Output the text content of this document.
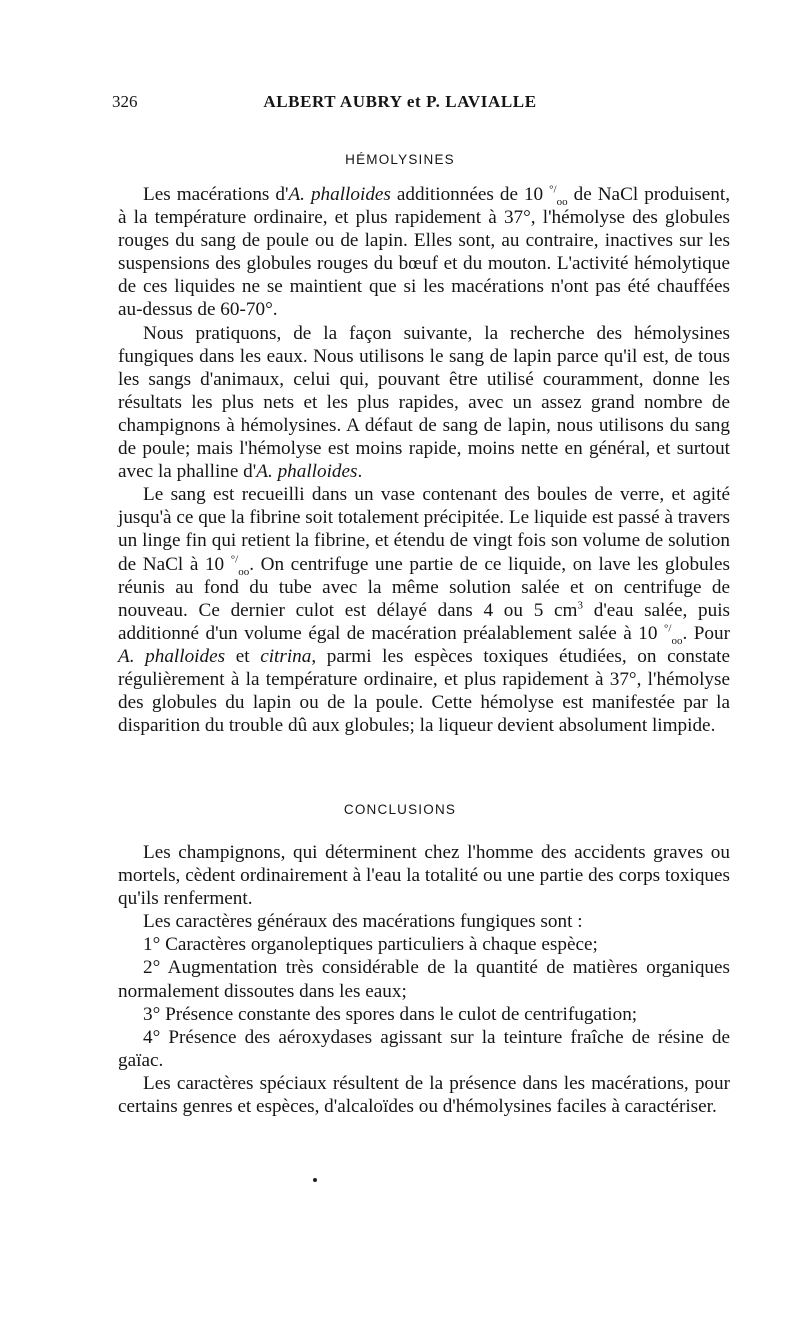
326	ALBERT AUBRY et P. LAVIALLE
HÉMOLYSINES

Les macérations d'A. phalloides additionnées de 10 °/$_{oo}$ de NaCl produisent, à la température ordinaire, et plus rapidement à 37°, l'hémolyse des globules rouges du sang de poule ou de lapin. Elles sont, au contraire, inactives sur les suspensions des globules rouges du bœuf et du mouton. L'activité hémolytique de ces liquides ne se maintient que si les macérations n'ont pas été chauffées au-dessus de 60-70°.

Nous pratiquons, de la façon suivante, la recherche des hémolysines fungiques dans les eaux. Nous utilisons le sang de lapin parce qu'il est, de tous les sangs d'animaux, celui qui, pouvant être utilisé couramment, donne les résultats les plus nets et les plus rapides, avec un assez grand nombre de champignons à hémolysines. A défaut de sang de lapin, nous utilisons du sang de poule; mais l'hémolyse est moins rapide, moins nette en général, et surtout avec la phalline d'A. phalloides.

Le sang est recueilli dans un vase contenant des boules de verre, et agité jusqu'à ce que la fibrine soit totalement précipitée. Le liquide est passé à travers un linge fin qui retient la fibrine, et étendu de vingt fois son volume de solution de NaCl à 10 °/$_{oo}$. On centrifuge une partie de ce liquide, on lave les globules réunis au fond du tube avec la même solution salée et on centrifuge de nouveau. Ce dernier culot est délayé dans 4 ou 5 $cm^3$ d'eau salée, puis additionné d'un volume égal de macération préalablement salée à 10 °/$_{oo}$. Pour A. phalloides et citrina, parmi les espèces toxiques étudiées, on constate régulièrement à la température ordinaire, et plus rapidement à 37°, l'hémolyse des globules du lapin ou de la poule. Cette hémolyse est manifestée par la disparition du trouble dû aux globules; la liqueur devient absolument limpide.

CONCLUSIONS

Les champignons, qui déterminent chez l'homme des accidents graves ou mortels, cèdent ordinairement à l'eau la totalité ou une partie des corps toxiques qu'ils renferment.

Les caractères généraux des macérations fungiques sont :

1° Caractères organoleptiques particuliers à chaque espèce;

2° Augmentation très considérable de la quantité de matières organiques normalement dissoutes dans les eaux;

3° Présence constante des spores dans le culot de centrifugation;

4° Présence des aéroxydases agissant sur la teinture fraîche de résine de gaïac.

Les caractères spéciaux résultent de la présence dans les macérations, pour certains genres et espèces, d'alcaloïdes ou d'hémolysines faciles à caractériser.
